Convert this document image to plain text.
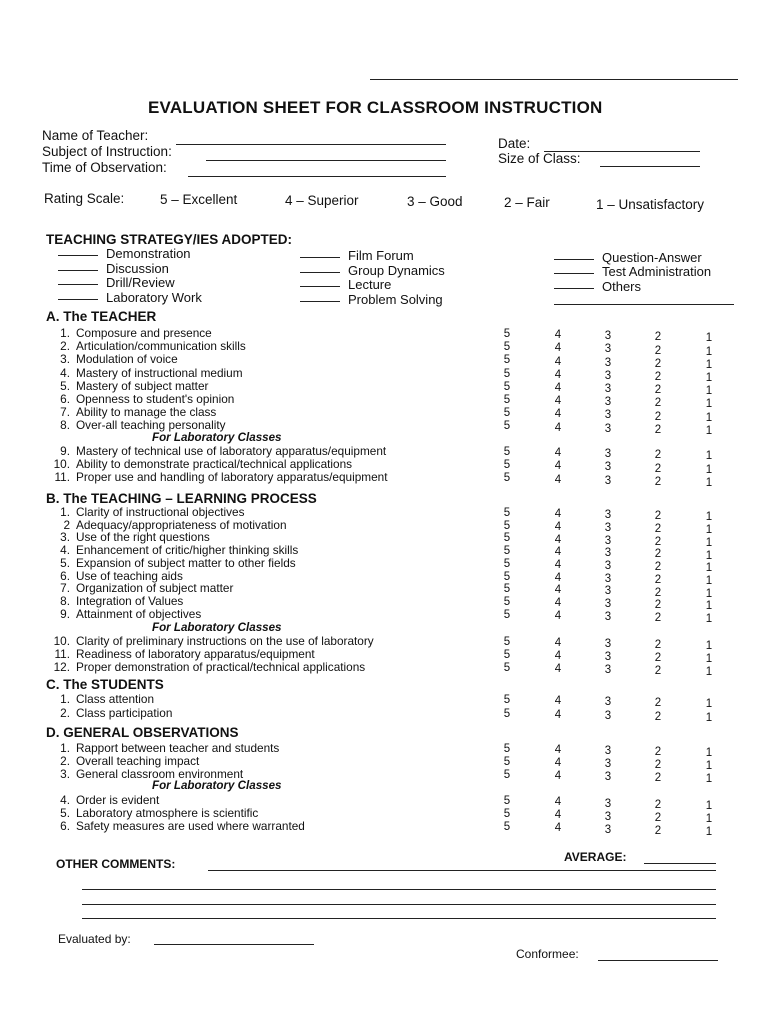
EVALUATION SHEET FOR CLASSROOM INSTRUCTION
Name of Teacher:
Subject of Instruction:
Time of Observation:
Date:
Size of Class:
Rating Scale:	5 – Excellent	4 – Superior	3 – Good	2 – Fair	1 – Unsatisfactory
TEACHING STRATEGY/IES ADOPTED:
Demonstration
Discussion
Drill/Review
Laboratory Work
Film Forum
Group Dynamics
Lecture
Problem Solving
Question-Answer
Test Administration
Others
A. The TEACHER
1. Composure and presence	5	4	3	2	1
2. Articulation/communication skills	5	4	3	2	1
3. Modulation of voice	5	4	3	2	1
4. Mastery of instructional medium	5	4	3	2	1
5. Mastery of subject matter	5	4	3	2	1
6. Openness to student's opinion	5	4	3	2	1
7. Ability to manage the class	5	4	3	2	1
8. Over-all teaching personality	5	4	3	2	1
For Laboratory Classes
9. Mastery of technical use of laboratory apparatus/equipment	5	4	3	2	1
10. Ability to demonstrate practical/technical applications	5	4	3	2	1
11. Proper use and handling of laboratory apparatus/equipment	5	4	3	2	1
B. The TEACHING – LEARNING PROCESS
1. Clarity of instructional objectives	5	4	3	2	1
2 Adequacy/appropriateness of motivation	5	4	3	2	1
3. Use of the right questions	5	4	3	2	1
4. Enhancement of critic/higher thinking skills	5	4	3	2	1
5. Expansion of subject matter to other fields	5	4	3	2	1
6. Use of teaching aids	5	4	3	2	1
7. Organization of subject matter	5	4	3	2	1
8. Integration of Values	5	4	3	2	1
9. Attainment of objectives	5	4	3	2	1
For Laboratory Classes
10. Clarity of preliminary instructions on the use of laboratory	5	4	3	2	1
11. Readiness of laboratory apparatus/equipment	5	4	3	2	1
12. Proper demonstration of practical/technical applications	5	4	3	2	1
C. The STUDENTS
1. Class attention	5	4	3	2	1
2. Class participation	5	4	3	2	1
D. GENERAL OBSERVATIONS
1. Rapport between teacher and students	5	4	3	2	1
2. Overall teaching impact	5	4	3	2	1
3. General classroom environment	5	4	3	2	1
For Laboratory Classes
4. Order is evident	5	4	3	2	1
5. Laboratory atmosphere is scientific	5	4	3	2	1
6. Safety measures are used where warranted	5	4	3	2	1
AVERAGE:
OTHER COMMENTS:
Evaluated by:
Conformee:
